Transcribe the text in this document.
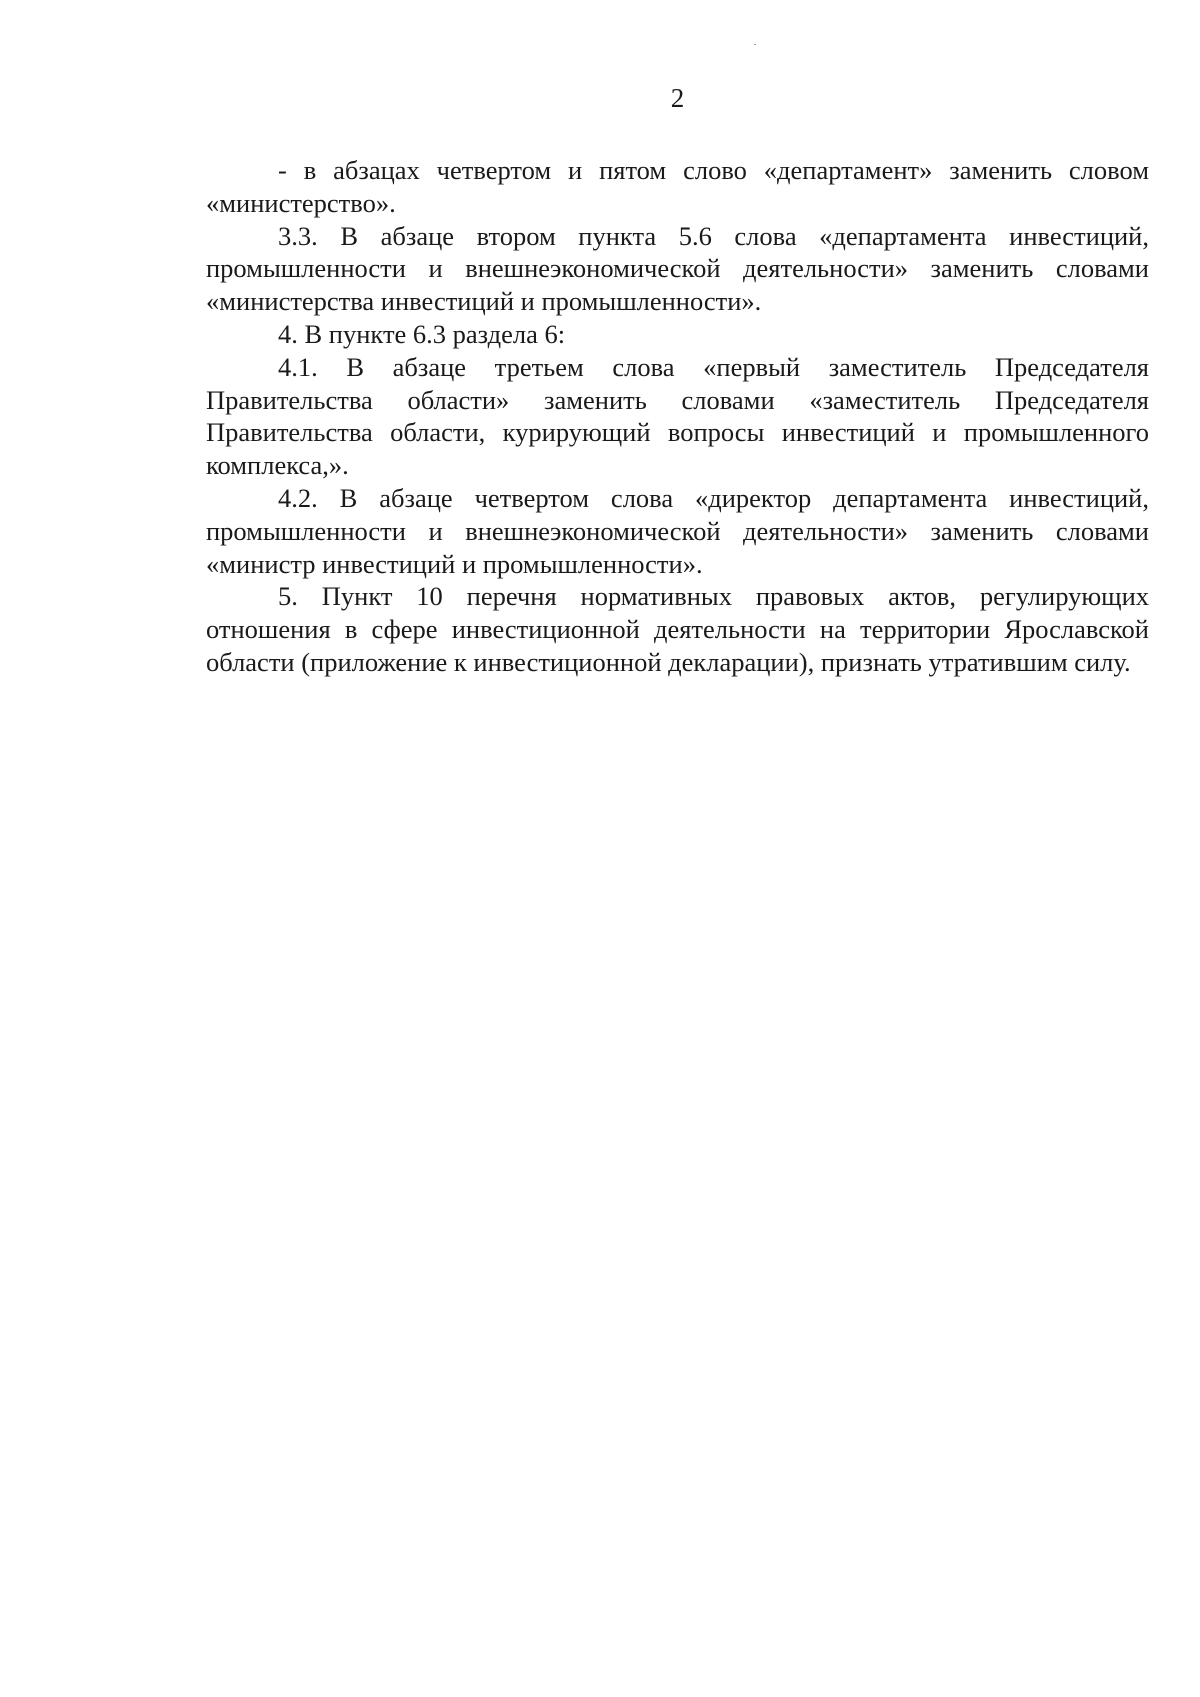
2

- в абзацах четвертом и пятом слово «департамент» заменить словом «министерство».

3.3. В абзаце втором пункта 5.6 слова «департамента инвестиций, промышленности и внешнеэкономической деятельности» заменить словами «министерства инвестиций и промышленности».

4. В пункте 6.3 раздела 6:

4.1. В абзаце третьем слова «первый заместитель Председателя Правительства области» заменить словами «заместитель Председателя Правительства области, курирующий вопросы инвестиций и промышленного комплекса,».

4.2. В абзаце четвертом слова «директор департамента инвестиций, промышленности и внешнеэкономической деятельности» заменить словами «министр инвестиций и промышленности».

5. Пункт 10 перечня нормативных правовых актов, регулирующих отношения в сфере инвестиционной деятельности на территории Ярославской области (приложение к инвестиционной декларации), признать утратившим силу.
